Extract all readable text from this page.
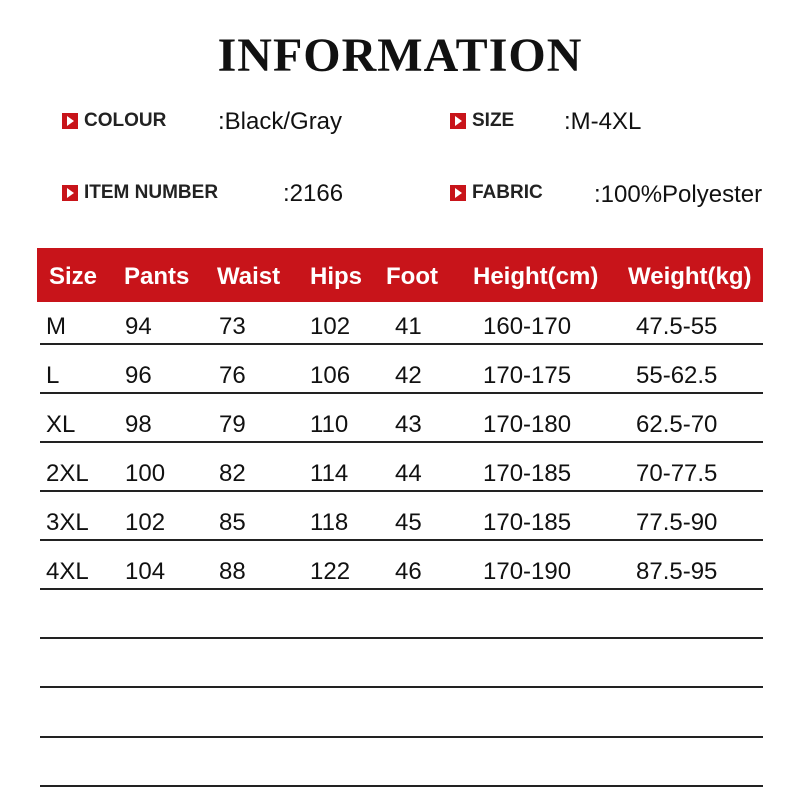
INFORMATION
COLOUR :Black/Gray	SIZE :M-4XL
ITEM NUMBER	:2166	FABRIC :100%Polyester
Size Pants Waist Hips Foot Height(cm) Weight(kg)
M 94	73	102 41	160-170	47.5-55
L	96	76	106 42	170-175	55-62.5
XL 98	79	110 43	170-180	62.5-70
2XL 100 82	114 44	170-185	70-77.5
3XL 102 85	118 45	170-185	77.5-90
4XL 104 88	122 46	170-190	87.5-95
